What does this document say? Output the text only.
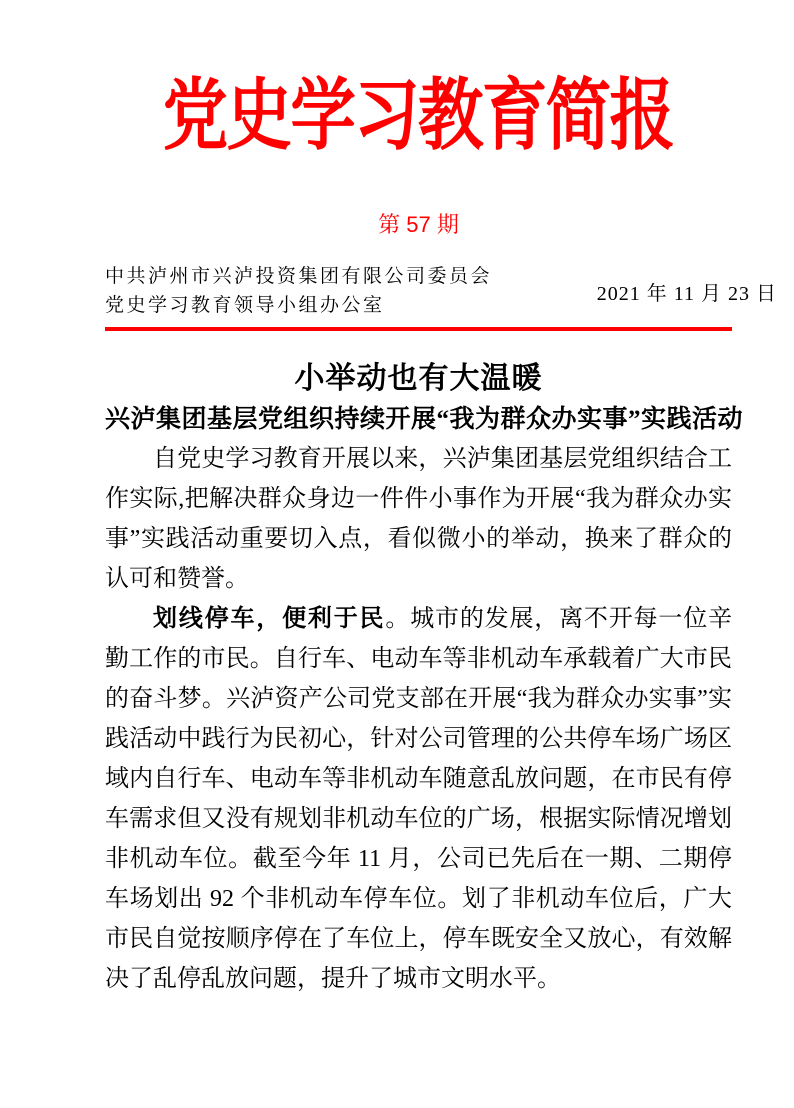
党史学习教育简报
第 57 期
中共泸州市兴泸投资集团有限公司委员会
党史学习教育领导小组办公室
2021 年 11 月 23 日
小举动也有大温暖
兴泸集团基层党组织持续开展“我为群众办实事”实践活动

自党史学习教育开展以来，兴泸集团基层党组织结合工作实际,把解决群众身边一件件小事作为开展“我为群众办实事”实践活动重要切入点，看似微小的举动，换来了群众的认可和赞誉。

划线停车，便利于民。城市的发展，离不开每一位辛勤工作的市民。自行车、电动车等非机动车承载着广大市民的奋斗梦。兴泸资产公司党支部在开展“我为群众办实事”实践活动中践行为民初心，针对公司管理的公共停车场广场区域内自行车、电动车等非机动车随意乱放问题，在市民有停车需求但又没有规划非机动车位的广场，根据实际情况增划非机动车位。截至今年 11 月，公司已先后在一期、二期停车场划出 92 个非机动车停车位。划了非机动车位后，广大市民自觉按顺序停在了车位上，停车既安全又放心，有效解决了乱停乱放问题，提升了城市文明水平。
